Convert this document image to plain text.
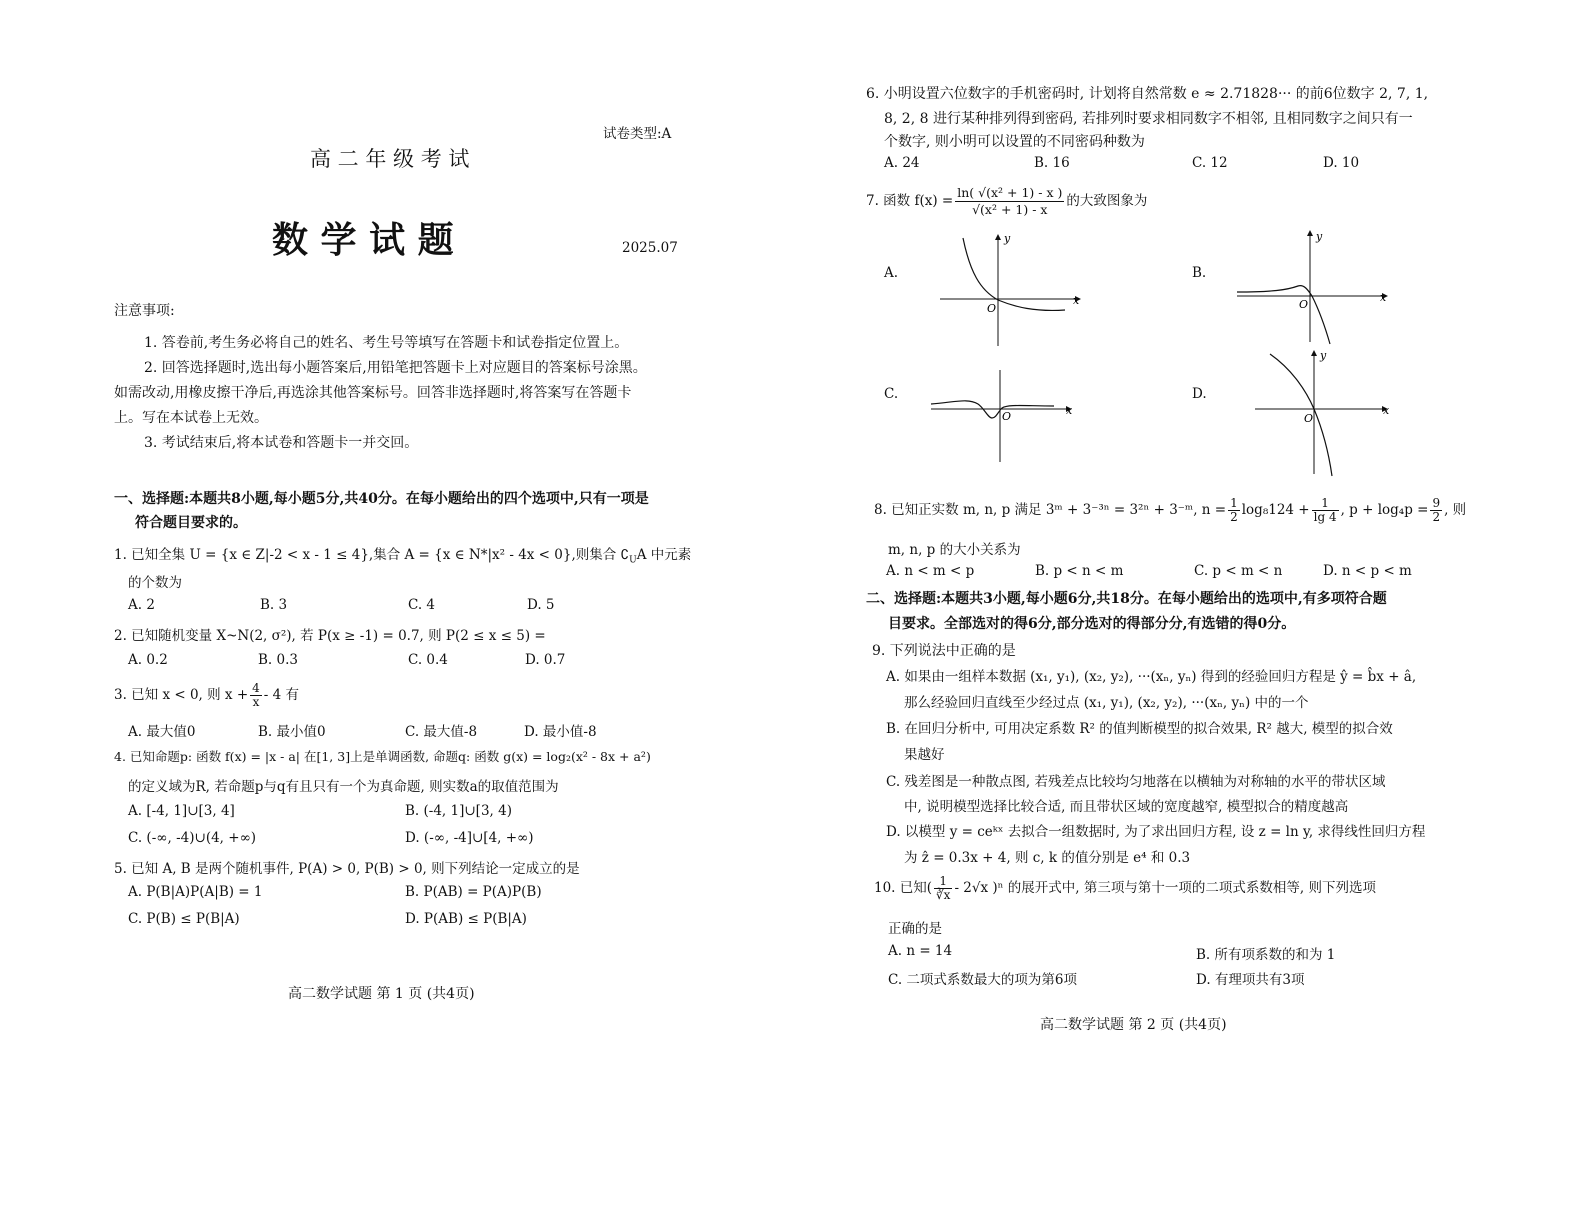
试卷类型:A
高 二 年 级 考 试
数 学 试 题	2025.07
注意事项:
1. 答卷前,考生务必将自己的姓名、考生号等填写在答题卡和试卷指定位置上。
2. 回答选择题时,选出每小题答案后,用铅笔把答题卡上对应题目的答案标号涂黑。
如需改动,用橡皮擦干净后,再选涂其他答案标号。回答非选择题时,将答案写在答题卡
上。写在本试卷上无效。
3. 考试结束后,将本试卷和答题卡一并交回。
一、选择题:本题共8小题,每小题5分,共40分。在每小题给出的四个选项中,只有一项是
符合题目要求的。
1. 已知全集 U = {x ∈ Z|-2 < x - 1 ≤ 4},集合 A = {x ∈ N*|x² - 4x < 0},则集合 $∁_UA$ 中元素
的个数为
A. 2	B. 3	C. 4	D. 5
2. 已知随机变量 X~N(2, σ²), 若 P(x ≥ -1) = 0.7, 则 P(2 ≤ x ≤ 5) =
A. 0.2	B. 0.3	C. 0.4	D. 0.7
3. 已知 x < 0, 则 $x + \frac{4}{x} - 4$ 有
A. 最大值0	B. 最小值0	C. 最大值-8	D. 最小值-8
4. 已知命题p: 函数 f(x) = |x - a| 在[1, 3]上是单调函数, 命题q: 函数 g(x) = log₂(x² - 8x + a²)
的定义域为R, 若命题p与q有且只有一个为真命题, 则实数a的取值范围为
A. [-4, 1]∪[3, 4]	B. (-4, 1]∪[3, 4)
C. (-∞, -4)∪(4, +∞)	D. (-∞, -4]∪[4, +∞)
5. 已知 A, B 是两个随机事件, P(A) > 0, P(B) > 0, 则下列结论一定成立的是
A. P(B|A)P(A|B) = 1	B. P(AB) = P(A)P(B)
C. P(B) ≤ P(B|A)	D. P(AB) ≤ P(B|A)
高二数学试题 第 1 页 (共4页)
6. 小明设置六位数字的手机密码时, 计划将自然常数 e ≈ 2.71828··· 的前6位数字 2, 7, 1,
8, 2, 8 进行某种排列得到密码, 若排列时要求相同数字不相邻, 且相同数字之间只有一
个数字, 则小明可以设置的不同密码种数为
A. 24	B. 16	C. 12	D. 10
7. 函数 $f(x) = \frac{\text{ln( √(x² + 1) - x )}}{\text{√(x² + 1) - x}}$ 的大致图象为
A.	B.
C.	D.
y
x
O
y
x
O
x
O
y
x
O
8. 已知正实数 m, n, p 满足 3ᵐ + 3⁻³ⁿ = 3²ⁿ + 3⁻ᵐ, $n = \frac{1}{2} \log_8124 + \frac{1}{\lg 4}$ , $p + \log_4p = \frac{9}{2}$ , 则
m, n, p 的大小关系为
A. n < m < p	B. p < n < m	C. p < m < n	D. n < p < m
二、选择题:本题共3小题,每小题6分,共18分。在每小题给出的选项中,有多项符合题
目要求。全部选对的得6分,部分选对的得部分分,有选错的得0分。
9. 下列说法中正确的是
A. 如果由一组样本数据 (x₁, y₁), (x₂, y₂), ···(xₙ, yₙ) 得到的经验回归方程是 ŷ = b̂x + â,
那么经验回归直线至少经过点 (x₁, y₁), (x₂, y₂), ···(xₙ, yₙ) 中的一个
B. 在回归分析中, 可用决定系数 R² 的值判断模型的拟合效果, R² 越大, 模型的拟合效
果越好
C. 残差图是一种散点图, 若残差点比较均匀地落在以横轴为对称轴的水平的带状区域
中, 说明模型选择比较合适, 而且带状区域的宽度越窄, 模型拟合的精度越高
D. 以模型 y = ceᵏˣ 去拟合一组数据时, 为了求出回归方程, 设 z = ln y, 求得线性回归方程
为 ẑ = 0.3x + 4, 则 c, k 的值分别是 e⁴ 和 0.3
10. 已知( $\frac{1}{∛x} - 2√x$ )ⁿ 的展开式中, 第三项与第十一项的二项式系数相等, 则下列选项
正确的是
A. n = 14	B. 所有项系数的和为 1
C. 二项式系数最大的项为第6项	D. 有理项共有3项
高二数学试题 第 2 页 (共4页)
